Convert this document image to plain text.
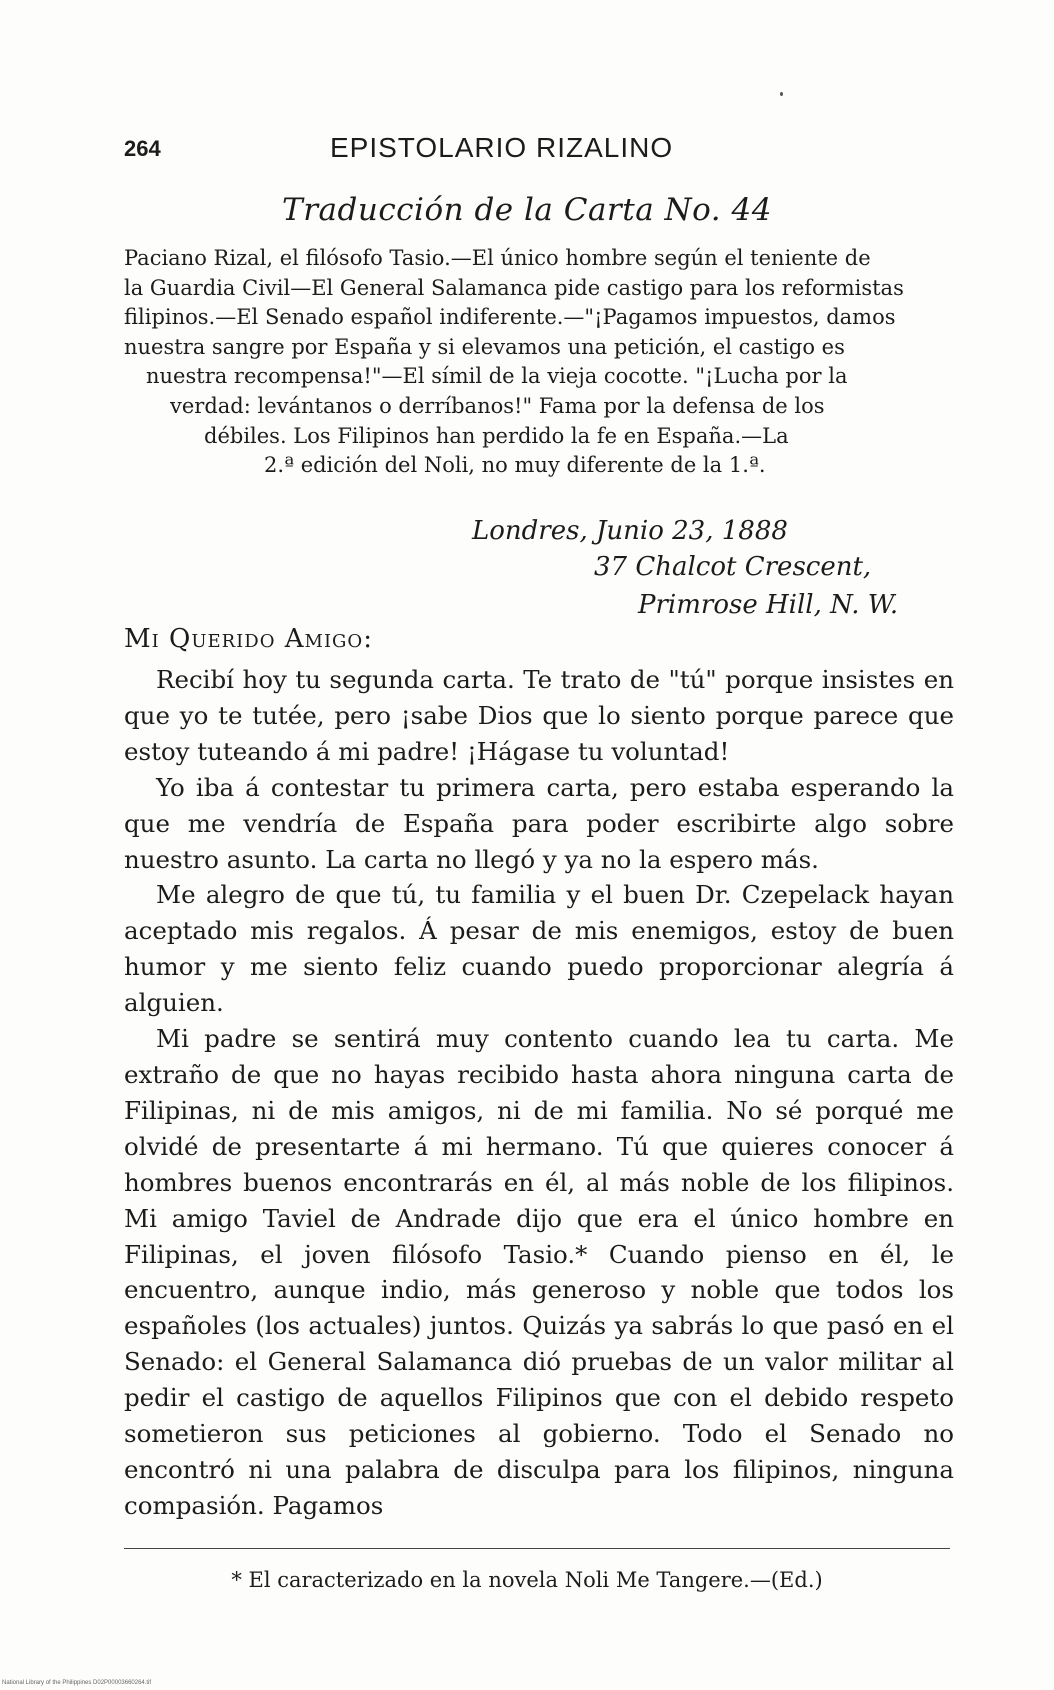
264	EPISTOLARIO RIZALINO
Traducción de la Carta No. 44
Paciano Rizal, el filósofo Tasio.—El único hombre según el teniente de
la Guardia Civil—El General Salamanca pide castigo para los reformistas
filipinos.—El Senado español indiferente.—"¡Pagamos impuestos, damos
nuestra sangre por España y si elevamos una petición, el castigo es
nuestra recompensa!"—El símil de la vieja cocotte. "¡Lucha por la
verdad: levántanos o derríbanos!" Fama por la defensa de los
débiles. Los Filipinos han perdido la fe en España.—La
2.ª edición del Noli, no muy diferente de la 1.ª.
Londres, Junio 23, 1888
37 Chalcot Crescent,
Primrose Hill, N. W.
Mi Querido Amigo:

Recibí hoy tu segunda carta. Te trato de "tú" porque insistes en que yo te tutée, pero ¡sabe Dios que lo siento porque parece que estoy tuteando á mi padre! ¡Hágase tu voluntad!

Yo iba á contestar tu primera carta, pero estaba esperando la que me vendría de España para poder escribirte algo sobre nuestro asunto. La carta no llegó y ya no la espero más.

Me alegro de que tú, tu familia y el buen Dr. Czepelack hayan aceptado mis regalos. Á pesar de mis enemigos, estoy de buen humor y me siento feliz cuando puedo proporcionar alegría á alguien.

Mi padre se sentirá muy contento cuando lea tu carta. Me extraño de que no hayas recibido hasta ahora ninguna carta de Filipinas, ni de mis amigos, ni de mi familia. No sé porqué me olvidé de presentarte á mi hermano. Tú que quieres conocer á hombres buenos encontrarás en él, al más noble de los filipinos. Mi amigo Taviel de Andrade dijo que era el único hombre en Filipinas, el joven filósofo Tasio.* Cuando pienso en él, le encuentro, aunque indio, más generoso y noble que todos los españoles (los actuales) juntos. Quizás ya sabrás lo que pasó en el Senado: el General Salamanca dió pruebas de un valor militar al pedir el castigo de aquellos Filipinos que con el debido respeto sometieron sus peticiones al gobierno. Todo el Senado no encontró ni una palabra de disculpa para los filipinos, ninguna compasión. Pagamos

* El caracterizado en la novela Noli Me Tangere.—(Ed.)
National Library of the Philippines D02P00003660264.tif
